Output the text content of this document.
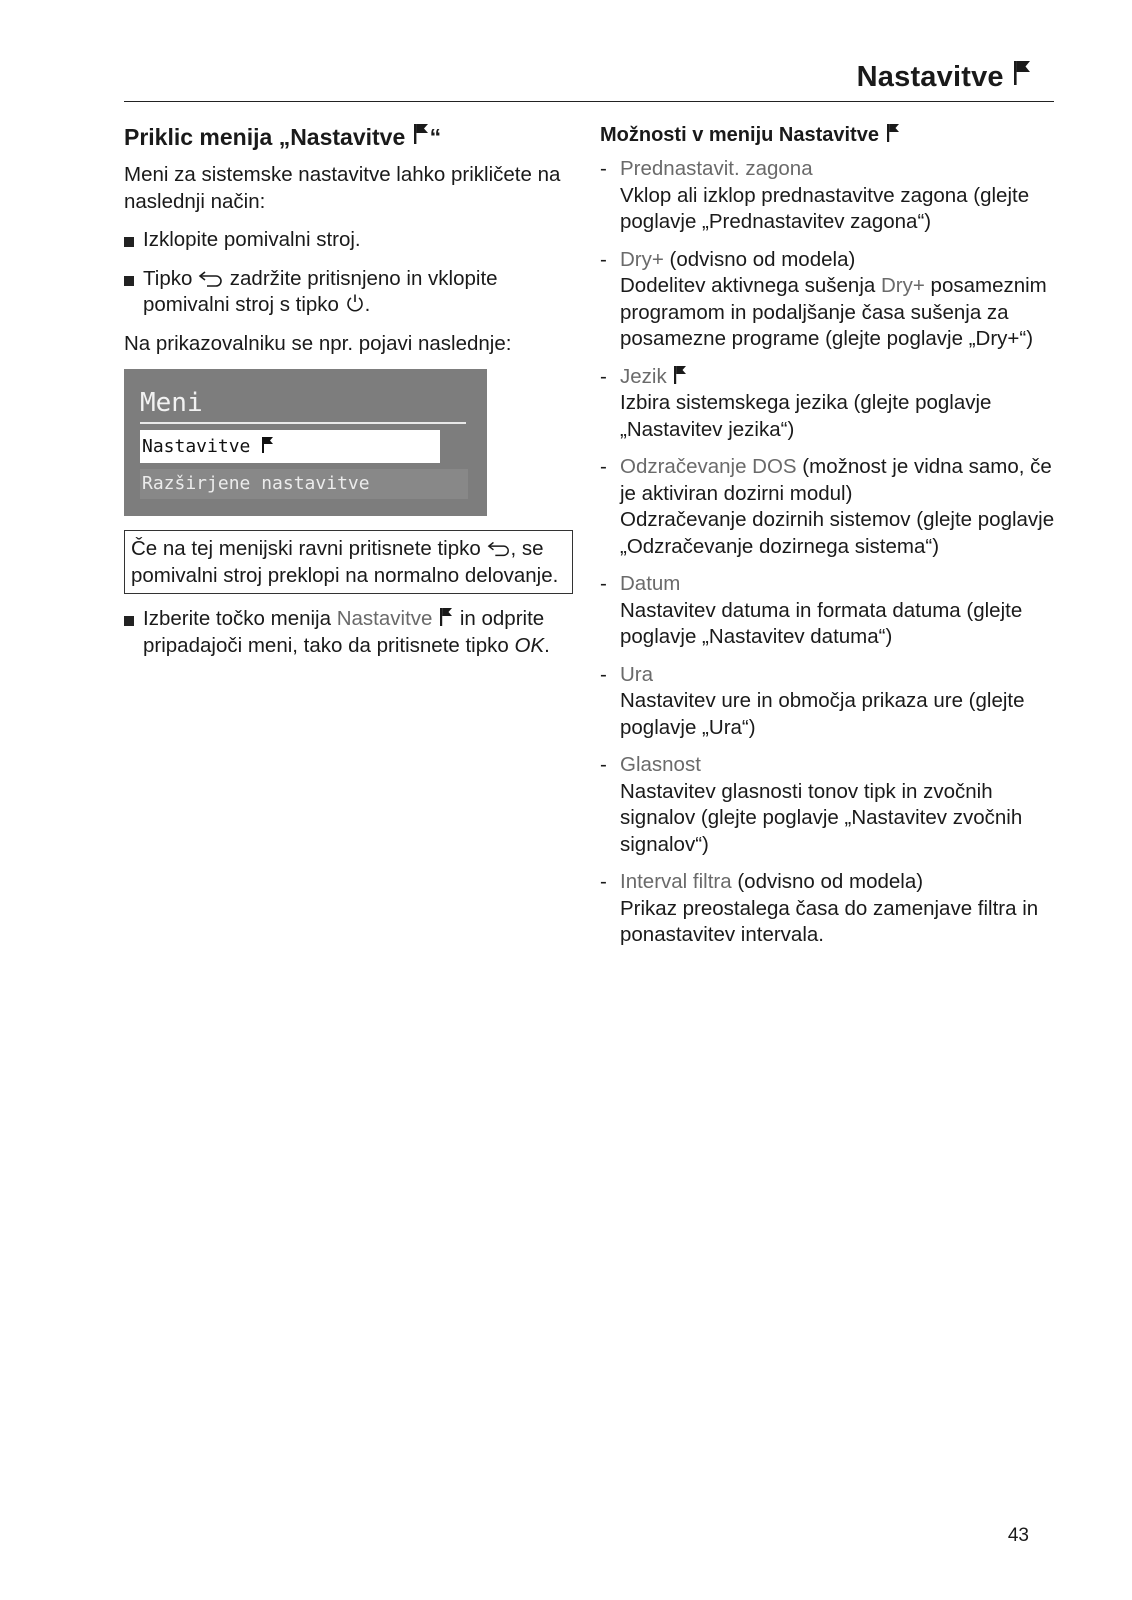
Nastavitve
Priklic menija „Nastavitve “

Meni za sistemske nastavitve lahko prikličete na naslednji način:

Izklopite pomivalni stroj.
Tipko zadržite pritisnjeno in vklopite pomivalni stroj s tipko .

Na prikazovalniku se npr. pojavi naslednje:

Meni
Nastavitve
Razširjene nastavitve
Če na tej menijski ravni pritisnete tipko , se pomivalni stroj preklopi na normalno delovanje.
Izberite točko menija Nastavitve in odprite pripadajoči meni, tako da pritisnete tipko OK.
Možnosti v meniju Nastavitve
- Prednastavit. zagona
Vklop ali izklop prednastavitve zagona (glejte poglavje „Prednastavitev zagona“)
- Dry+ (odvisno od modela)
Dodelitev aktivnega sušenja Dry+ posameznim programom in podaljšanje časa sušenja za posamezne programe (glejte poglavje „Dry+“)
- Jezik
Izbira sistemskega jezika (glejte poglavje „Nastavitev jezika“)
- Odzračevanje DOS (možnost je vidna samo, če je aktiviran dozirni modul)
Odzračevanje dozirnih sistemov (glejte poglavje „Odzračevanje dozirnega sistema“)
- Datum
Nastavitev datuma in formata datuma (glejte poglavje „Nastavitev datuma“)
- Ura
Nastavitev ure in območja prikaza ure (glejte poglavje „Ura“)
- Glasnost
Nastavitev glasnosti tonov tipk in zvočnih signalov (glejte poglavje „Nastavitev zvočnih signalov“)
- Interval filtra (odvisno od modela)
Prikaz preostalega časa do zamenjave filtra in ponastavitev intervala.
43
